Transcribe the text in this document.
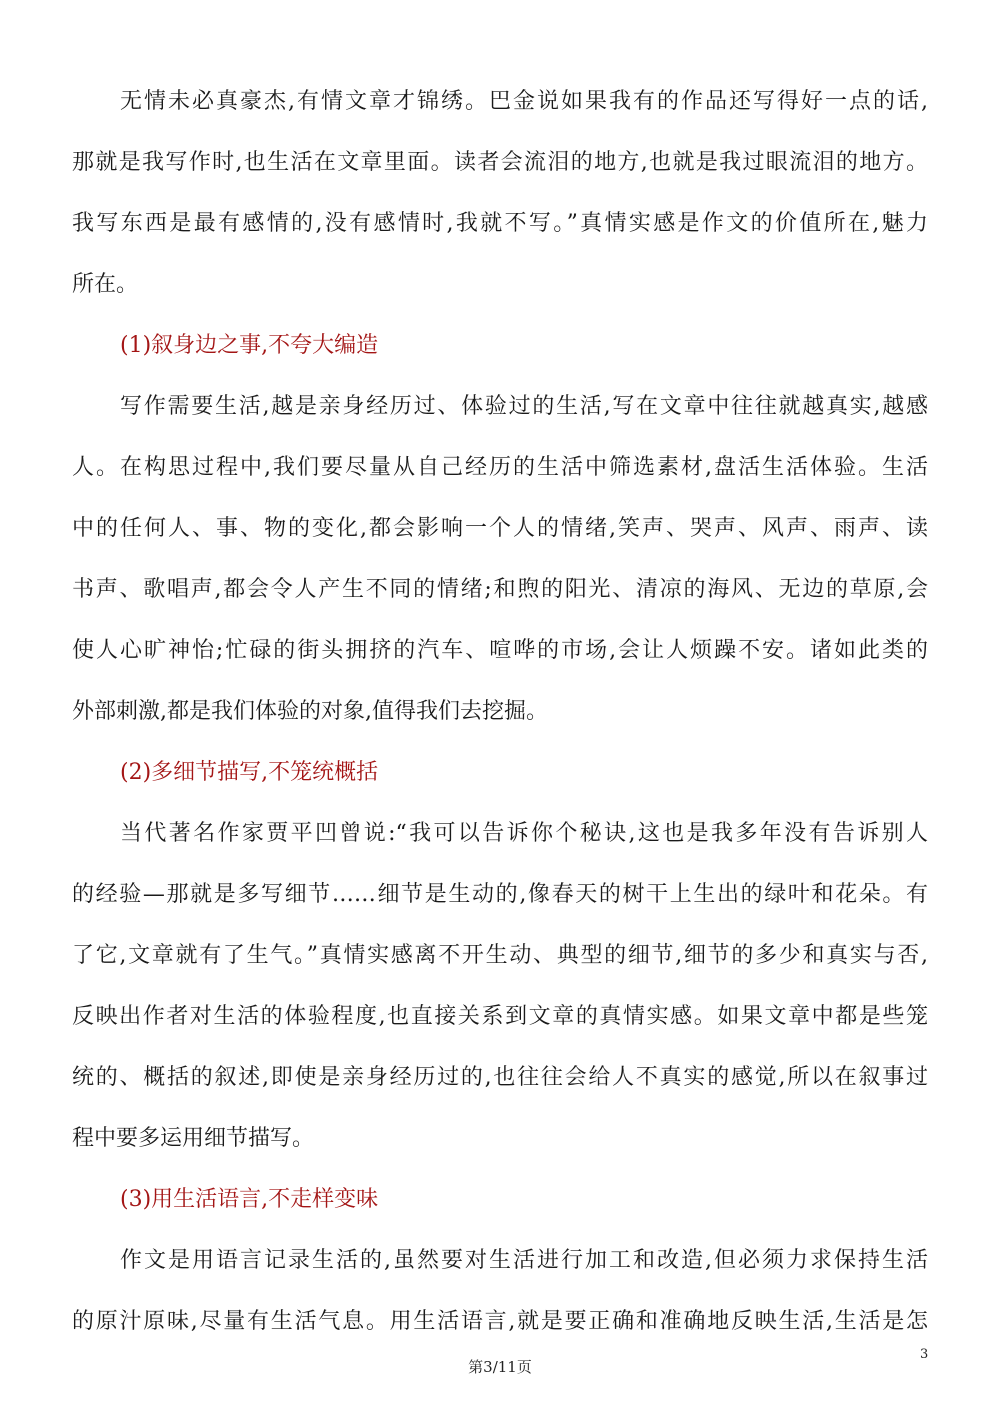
无情未必真豪杰,有情文章才锦绣。巴金说如果我有的作品还写得好一点的话,
那就是我写作时,也生活在文章里面。读者会流泪的地方,也就是我过眼流泪的地方。
我写东西是最有感情的,没有感情时,我就不写。”真情实感是作文的价值所在,魅力
所在。
(1)叙身边之事,不夸大编造
写作需要生活,越是亲身经历过、体验过的生活,写在文章中往往就越真实,越感
人。在构思过程中,我们要尽量从自己经历的生活中筛选素材,盘活生活体验。生活
中的任何人、事、物的变化,都会影响一个人的情绪,笑声、哭声、风声、雨声、读
书声、歌唱声,都会令人产生不同的情绪;和煦的阳光、清凉的海风、无边的草原,会
使人心旷神怡;忙碌的街头拥挤的汽车、喧哗的市场,会让人烦躁不安。诸如此类的
外部刺激,都是我们体验的对象,值得我们去挖掘。
(2)多细节描写,不笼统概括
当代著名作家贾平凹曾说:“我可以告诉你个秘诀,这也是我多年没有告诉别人
的经验—那就是多写细节……细节是生动的,像春天的树干上生出的绿叶和花朵。有
了它,文章就有了生气。”真情实感离不开生动、典型的细节,细节的多少和真实与否,
反映出作者对生活的体验程度,也直接关系到文章的真情实感。如果文章中都是些笼
统的、概括的叙述,即使是亲身经历过的,也往往会给人不真实的感觉,所以在叙事过
程中要多运用细节描写。
(3)用生活语言,不走样变味
作文是用语言记录生活的,虽然要对生活进行加工和改造,但必须力求保持生活
的原汁原味,尽量有生活气息。用生活语言,就是要正确和准确地反映生活,生活是怎
第3/11页
3
